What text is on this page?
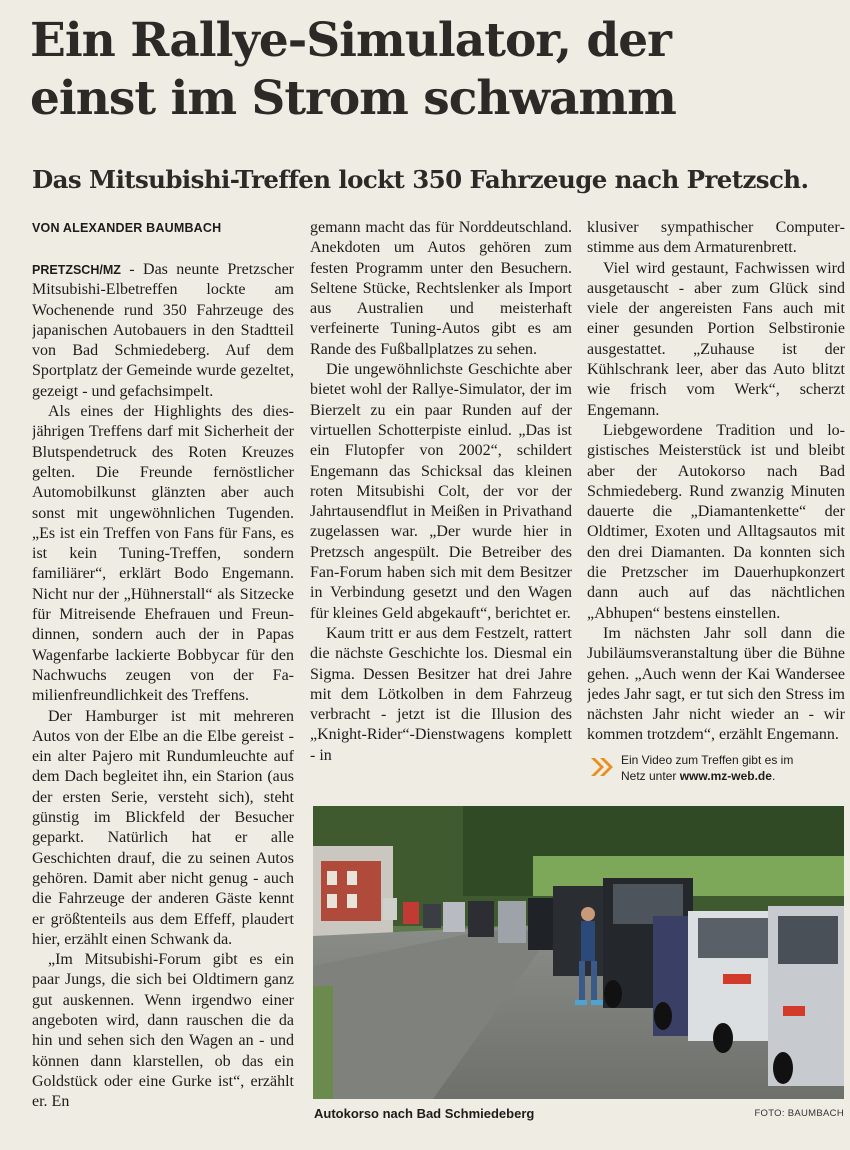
Ein Rallye-Simulator, der
einst im Strom schwamm
Das Mitsubishi-Treffen lockt 350 Fahrzeuge nach Pretzsch.
VON ALEXANDER BAUMBACH

PRETZSCH/MZ - Das neunte Pretzscher Mitsubishi-Elbetreffen lockte am Wochenende rund 350 Fahrzeuge des japanischen Autobauers in den Stadtteil von Bad Schmiedeberg. Auf dem Sportplatz der Gemeinde wurde gezeltet, gezeigt - und gefachsimpelt.

Als eines der Highlights des diesjährigen Treffens darf mit Sicherheit der Blutspendetruck des Roten Kreuzes gelten. Die Freunde fernöstlicher Automobilkunst glänzten aber auch sonst mit ungewöhnlichen Tugenden. „Es ist ein Treffen von Fans für Fans, es ist kein Tuning-Treffen, sondern familiärer“, erklärt Bodo Engemann. Nicht nur der „Hühnerstall“ als Sitzecke für Mitreisende Ehefrauen und Freundinnen, sondern auch der in Papas Wagenfarbe lackierte Bobbycar für den Nachwuchs zeugen von der Familienfreundlichkeit des Treffens.

Der Hamburger ist mit mehreren Autos von der Elbe an die Elbe gereist - ein alter Pajero mit Rundumleuchte auf dem Dach begleitet ihn, ein Starion (aus der ersten Serie, versteht sich), steht günstig im Blickfeld der Besucher geparkt. Natürlich hat er alle Geschichten drauf, die zu seinen Autos gehören. Damit aber nicht genug - auch die Fahrzeuge der anderen Gäste kennt er größtenteils aus dem Effeff, plaudert hier, erzählt einen Schwank da.

„Im Mitsubishi-Forum gibt es ein paar Jungs, die sich bei Oldtimern ganz gut auskennen. Wenn irgendwo einer angeboten wird, dann rauschen die da hin und sehen sich den Wagen an - und können dann klarstellen, ob das ein Goldstück oder eine Gurke ist“, erzählt er. En

gemann macht das für Norddeutschland. Anekdoten um Autos gehören zum festen Programm unter den Besuchern. Seltene Stücke, Rechtslenker als Import aus Australien und meisterhaft verfeinerte Tuning-Autos gibt es am Rande des Fußballplatzes zu sehen.

Die ungewöhnlichste Geschichte aber bietet wohl der Rallye-Simulator, der im Bierzelt zu ein paar Runden auf der virtuellen Schotterpiste einlud. „Das ist ein Flutopfer von 2002“, schildert Engemann das Schicksal das kleinen roten Mitsubishi Colt, der vor der Jahrtausendflut in Meißen in Privathand zugelassen war. „Der wurde hier in Pretzsch angespült. Die Betreiber des Fan-Forum haben sich mit dem Besitzer in Verbindung gesetzt und den Wagen für kleines Geld abgekauft“, berichtet er.

Kaum tritt er aus dem Festzelt, rattert die nächste Geschichte los. Diesmal ein Sigma. Dessen Besitzer hat drei Jahre mit dem Lötkolben in dem Fahrzeug verbracht - jetzt ist die Illusion des „Knight-Rider“-Dienstwagens komplett - in

klusiver sympathischer Computerstimme aus dem Armaturenbrett.

Viel wird gestaunt, Fachwissen wird ausgetauscht - aber zum Glück sind viele der angereisten Fans auch mit einer gesunden Portion Selbstironie ausgestattet. „Zuhause ist der Kühlschrank leer, aber das Auto blitzt wie frisch vom Werk“, scherzt Engemann.

Liebgewordene Tradition und logistisches Meisterstück ist und bleibt aber der Autokorso nach Bad Schmiedeberg. Rund zwanzig Minuten dauerte die „Diamantenkette“ der Oldtimer, Exoten und Alltagsautos mit den drei Diamanten. Da konnten sich die Pretzscher im Dauerhupkonzert dann auch auf das nächtlichen „Abhupen“ bestens einstellen.

Im nächsten Jahr soll dann die Jubiläumsveranstaltung über die Bühne gehen. „Auch wenn der Kai Wandersee jedes Jahr sagt, er tut sich den Stress im nächsten Jahr nicht wieder an - wir kommen trotzdem“, erzählt Engemann.

Ein Video zum Treffen gibt es im
Netz unter www.mz-web.de.
Autokorso nach Bad Schmiedeberg	FOTO: BAUMBACH
